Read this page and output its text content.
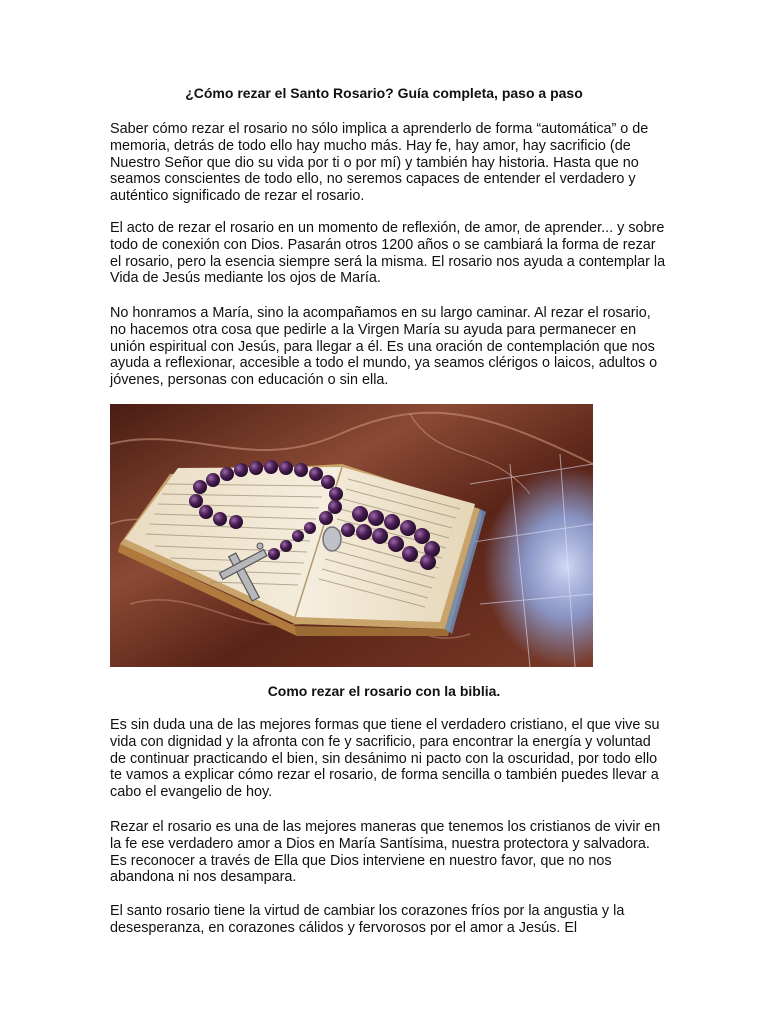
¿Cómo rezar el Santo Rosario? Guía completa, paso a paso

Saber cómo rezar el rosario no sólo implica a aprenderlo de forma “automática” o de memoria, detrás de todo ello hay mucho más. Hay fe, hay amor, hay sacrificio (de Nuestro Señor que dio su vida por ti o por mí) y también hay historia. Hasta que no seamos conscientes de todo ello, no seremos capaces de entender el verdadero y auténtico significado de rezar el rosario.

El acto de rezar el rosario en un momento de reflexión, de amor, de aprender... y sobre todo de conexión con Dios. Pasarán otros 1200 años o se cambiará la forma de rezar el rosario, pero la esencia siempre será la misma. El rosario nos ayuda a contemplar la Vida de Jesús mediante los ojos de María.

No honramos a María, sino la acompañamos en su largo caminar. Al rezar el rosario, no hacemos otra cosa que pedirle a la Virgen María su ayuda para permanecer en unión espiritual con Jesús, para llegar a él. Es una oración de contemplación que nos ayuda a reflexionar, accesible a todo el mundo, ya seamos clérigos o laicos, adultos o jóvenes, personas con educación o sin ella.

Como rezar el rosario con la biblia.

Es sin duda una de las mejores formas que tiene el verdadero cristiano, el que vive su vida con dignidad y la afronta con fe y sacrificio, para encontrar la energía y voluntad de continuar practicando el bien, sin desánimo ni pacto con la oscuridad, por todo ello te vamos a explicar cómo rezar el rosario, de forma sencilla o también puedes llevar a cabo el evangelio de hoy.

Rezar el rosario es una de las mejores maneras que tenemos los cristianos de vivir en la fe ese verdadero amor a Dios en María Santísima, nuestra protectora y salvadora. Es reconocer a través de Ella que Dios interviene en nuestro favor, que no nos abandona ni nos desampara.

El santo rosario tiene la virtud de cambiar los corazones fríos por la angustia y la desesperanza, en corazones cálidos y fervorosos por el amor a Jesús. El
